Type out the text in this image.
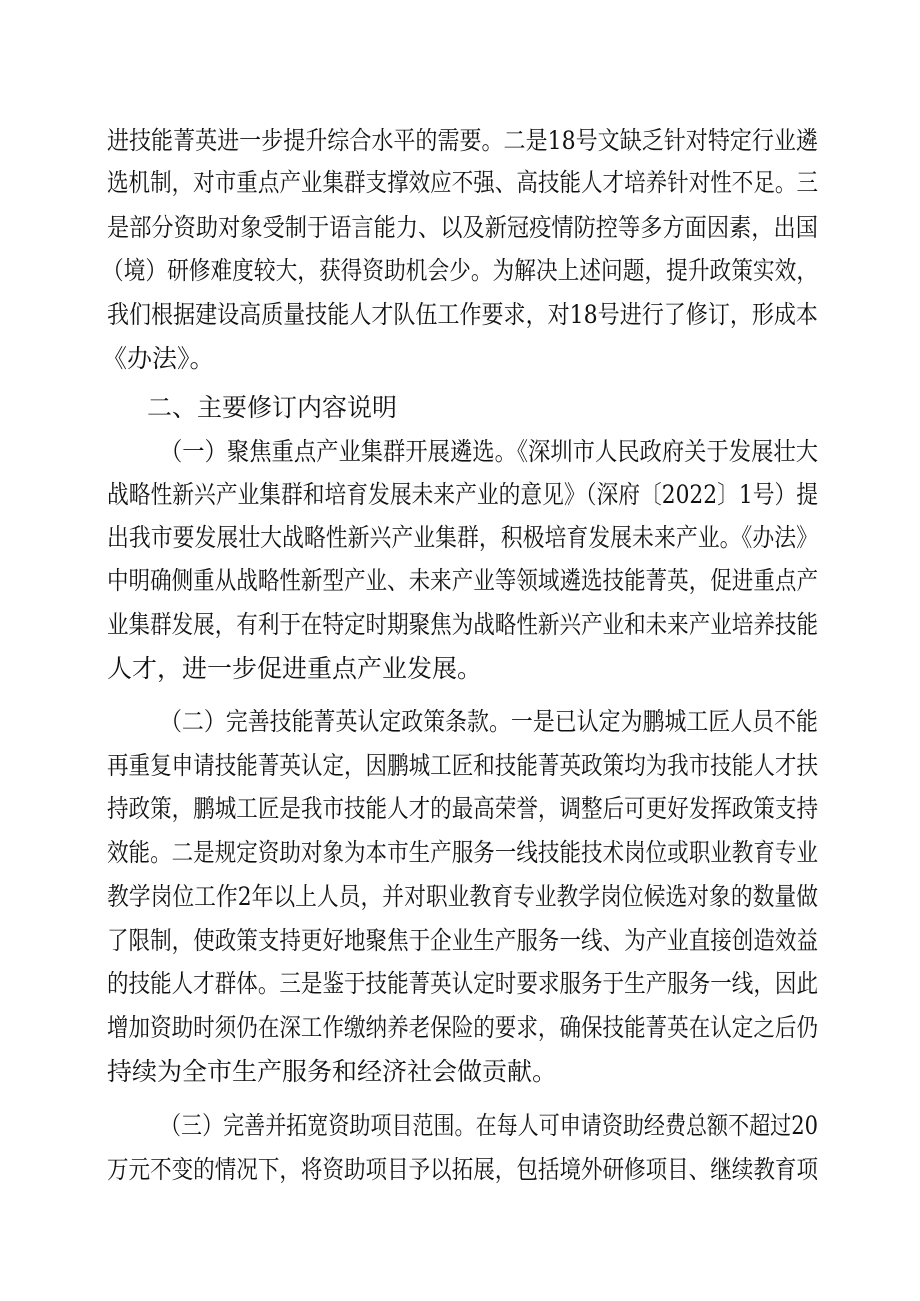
进技能菁英进一步提升综合水平的需要。二是18号文缺乏针对特定行业遴
选机制，对市重点产业集群支撑效应不强、高技能人才培养针对性不足。三
是部分资助对象受制于语言能力、以及新冠疫情防控等多方面因素，出国
（境）研修难度较大，获得资助机会少。为解决上述问题，提升政策实效，
我们根据建设高质量技能人才队伍工作要求，对18号进行了修订，形成本
《办法》。
二、主要修订内容说明
（一）聚焦重点产业集群开展遴选。《深圳市人民政府关于发展壮大
战略性新兴产业集群和培育发展未来产业的意见》（深府〔2022〕1号）提
出我市要发展壮大战略性新兴产业集群，积极培育发展未来产业。《办法》
中明确侧重从战略性新型产业、未来产业等领域遴选技能菁英，促进重点产
业集群发展，有利于在特定时期聚焦为战略性新兴产业和未来产业培养技能
人才，进一步促进重点产业发展。
（二）完善技能菁英认定政策条款。一是已认定为鹏城工匠人员不能
再重复申请技能菁英认定，因鹏城工匠和技能菁英政策均为我市技能人才扶
持政策，鹏城工匠是我市技能人才的最高荣誉，调整后可更好发挥政策支持
效能。二是规定资助对象为本市生产服务一线技能技术岗位或职业教育专业
教学岗位工作2年以上人员，并对职业教育专业教学岗位候选对象的数量做
了限制，使政策支持更好地聚焦于企业生产服务一线、为产业直接创造效益
的技能人才群体。三是鉴于技能菁英认定时要求服务于生产服务一线，因此
增加资助时须仍在深工作缴纳养老保险的要求，确保技能菁英在认定之后仍
持续为全市生产服务和经济社会做贡献。
（三）完善并拓宽资助项目范围。在每人可申请资助经费总额不超过20
万元不变的情况下，将资助项目予以拓展，包括境外研修项目、继续教育项
